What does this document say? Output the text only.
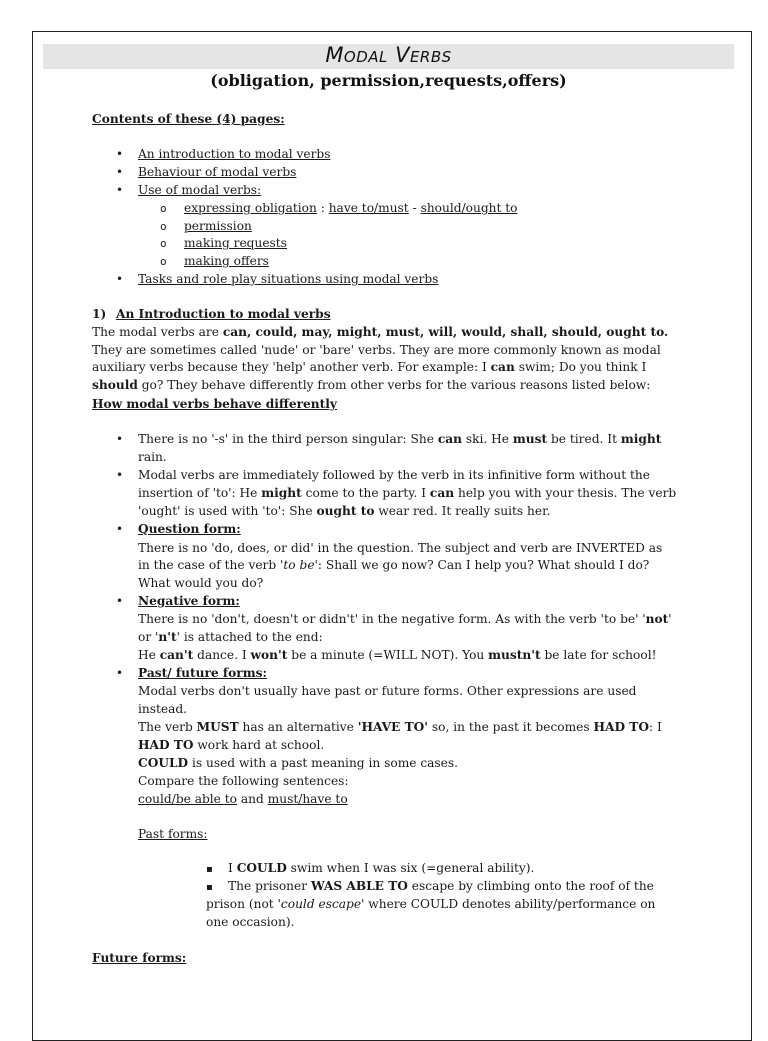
Modal Verbs
(obligation, permission,requests,offers)
Contents of these (4) pages:
•
An introduction to modal verbs
•
Behaviour of modal verbs
•
Use of modal verbs:
o
expressing obligation : have to/must - should/ought to
o
permission
o
making requests
o
making offers
•
Tasks and role play situations using modal verbs
1) An Introduction to modal verbs
The modal verbs are can, could, may, might, must, will, would, shall, should, ought to.
They are sometimes called 'nude' or 'bare' verbs. They are more commonly known as modal
auxiliary verbs because they 'help' another verb. For example: I can swim; Do you think I
should go? They behave differently from other verbs for the various reasons listed below:
How modal verbs behave differently
•
There is no '-s' in the third person singular: She can ski. He must be tired. It might
rain.
•
Modal verbs are immediately followed by the verb in its infinitive form without the
insertion of 'to': He might come to the party. I can help you with your thesis. The verb
'ought' is used with 'to': She ought to wear red. It really suits her.
•
Question form:
There is no 'do, does, or did' in the question. The subject and verb are INVERTED as
in the case of the verb 'to be': Shall we go now? Can I help you? What should I do?
What would you do?
•
Negative form:
There is no 'don't, doesn't or didn't' in the negative form. As with the verb 'to be' 'not'
or 'n't' is attached to the end:
He can't dance. I won't be a minute (=WILL NOT). You mustn't be late for school!
•
Past/ future forms:
Modal verbs don't usually have past or future forms. Other expressions are used
instead.
The verb MUST has an alternative 'HAVE TO' so, in the past it becomes HAD TO: I
HAD TO work hard at school.
COULD is used with a past meaning in some cases.
Compare the following sentences:
could/be able to and must/have to
Past forms:
▪
I COULD swim when I was six (=general ability).
▪
The prisoner WAS ABLE TO escape by climbing onto the roof of the
prison (not 'could escape' where COULD denotes ability/performance on
one occasion).
Future forms:
